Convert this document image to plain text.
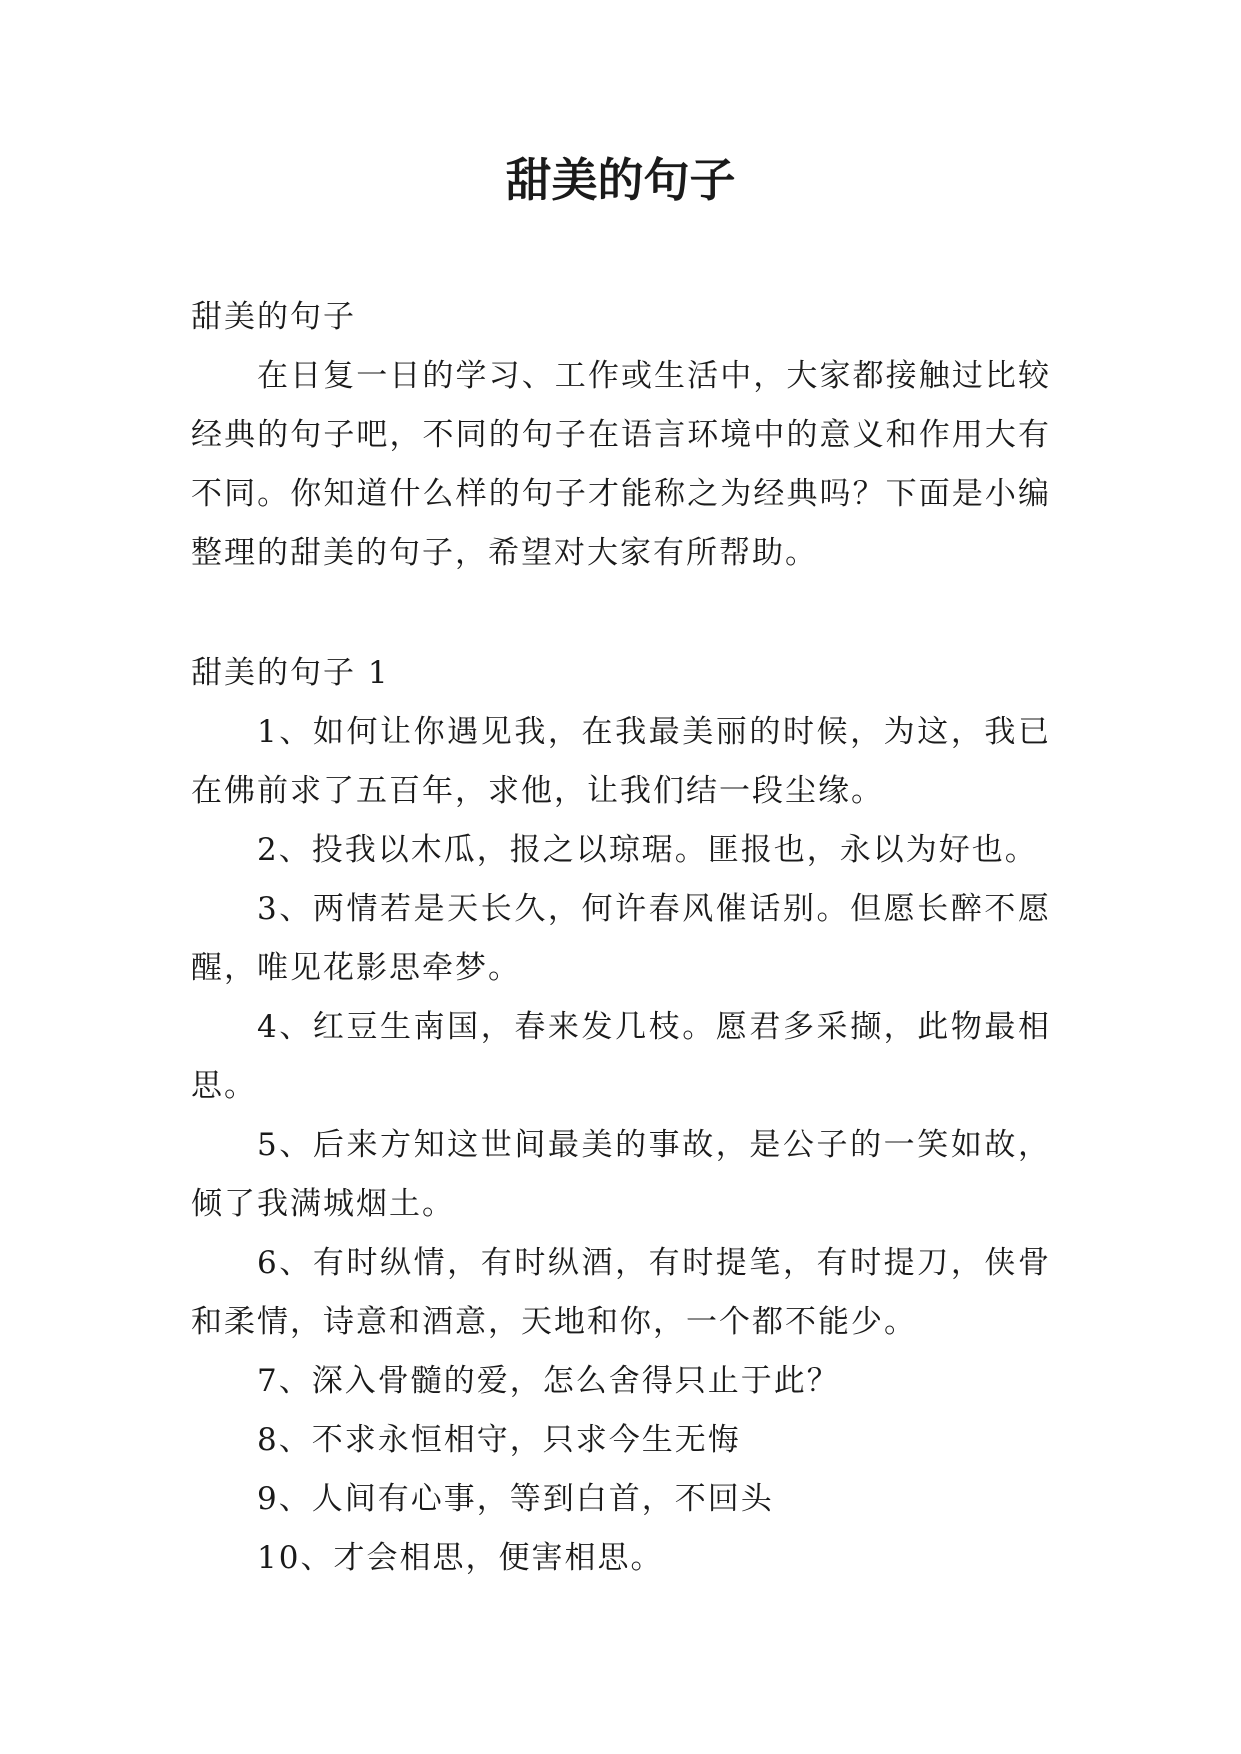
甜美的句子

甜美的句子

在日复一日的学习、工作或生活中，大家都接触过比较经典的句子吧，不同的句子在语言环境中的意义和作用大有不同。你知道什么样的句子才能称之为经典吗？下面是小编整理的甜美的句子，希望对大家有所帮助。

甜美的句子 1

1、如何让你遇见我，在我最美丽的时候，为这，我已在佛前求了五百年，求他，让我们结一段尘缘。

2、投我以木瓜，报之以琼琚。匪报也，永以为好也。

3、两情若是天长久，何许春风催话别。但愿长醉不愿醒，唯见花影思牵梦。

4、红豆生南国，春来发几枝。愿君多采撷，此物最相思。

5、后来方知这世间最美的事故，是公子的一笑如故，倾了我满城烟土。

6、有时纵情，有时纵酒，有时提笔，有时提刀，侠骨和柔情，诗意和酒意，天地和你，一个都不能少。

7、深入骨髓的爱，怎么舍得只止于此？

8、不求永恒相守，只求今生无悔

9、人间有心事，等到白首，不回头

10、才会相思，便害相思。
